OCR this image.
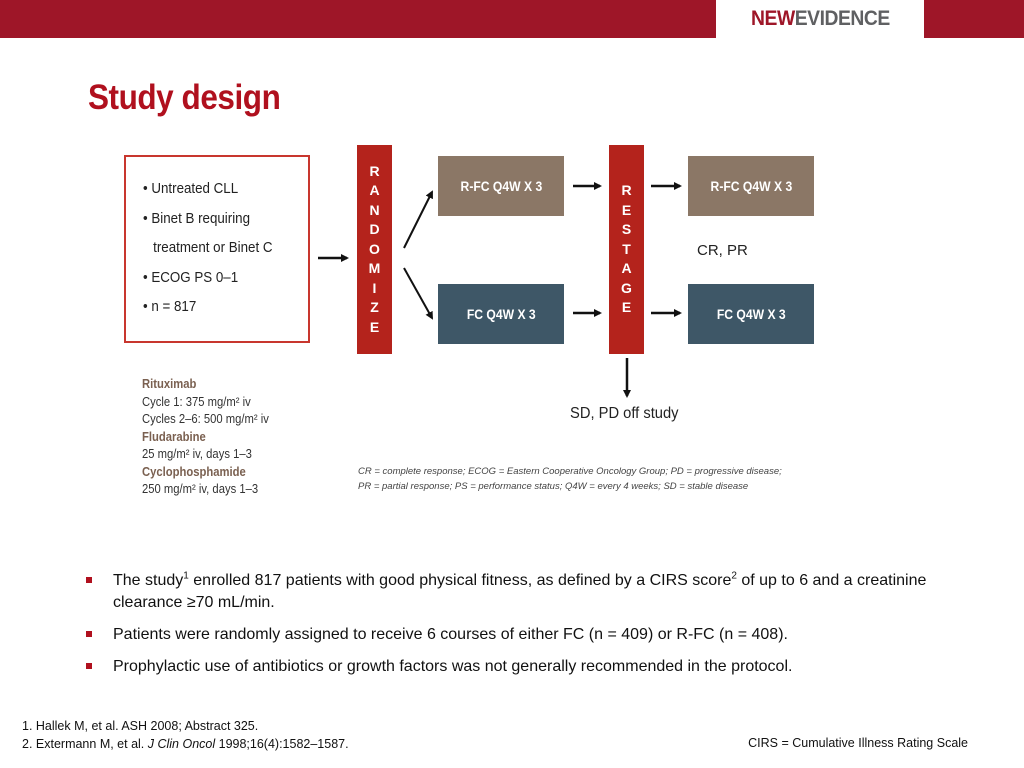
NEWEVIDENCE
Study design
• Untreated CLL
• Binet B requiring
treatment or Binet C
• ECOG PS 0–1
• n = 817
R
A
N
D
O
M
I
Z
E
R
E
S
T
A
G
E
R-FC Q4W X 3
FC Q4W X 3
R-FC Q4W X 3
FC Q4W X 3
CR, PR
SD, PD off study
Rituximab
Cycle 1: 375 mg/m² iv
Cycles 2–6: 500 mg/m² iv
Fludarabine
25 mg/m² iv, days 1–3
Cyclophosphamide
250 mg/m² iv, days 1–3
CR = complete response; ECOG = Eastern Cooperative Oncology Group; PD = progressive disease;
PR = partial response; PS = performance status; Q4W = every 4 weeks; SD = stable disease
The study$^1$ enrolled 817 patients with good physical fitness, as defined by a CIRS score$^2$ of up to 6 and a creatinine clearance ≥70 mL/min.
Patients were randomly assigned to receive 6 courses of either FC (n = 409) or R-FC (n = 408).
Prophylactic use of antibiotics or growth factors was not generally recommended in the protocol.
1. Hallek M, et al. ASH 2008; Abstract 325.
2. Extermann M, et al. J Clin Oncol 1998;16(4):1582–1587.	CIRS = Cumulative Illness Rating Scale
